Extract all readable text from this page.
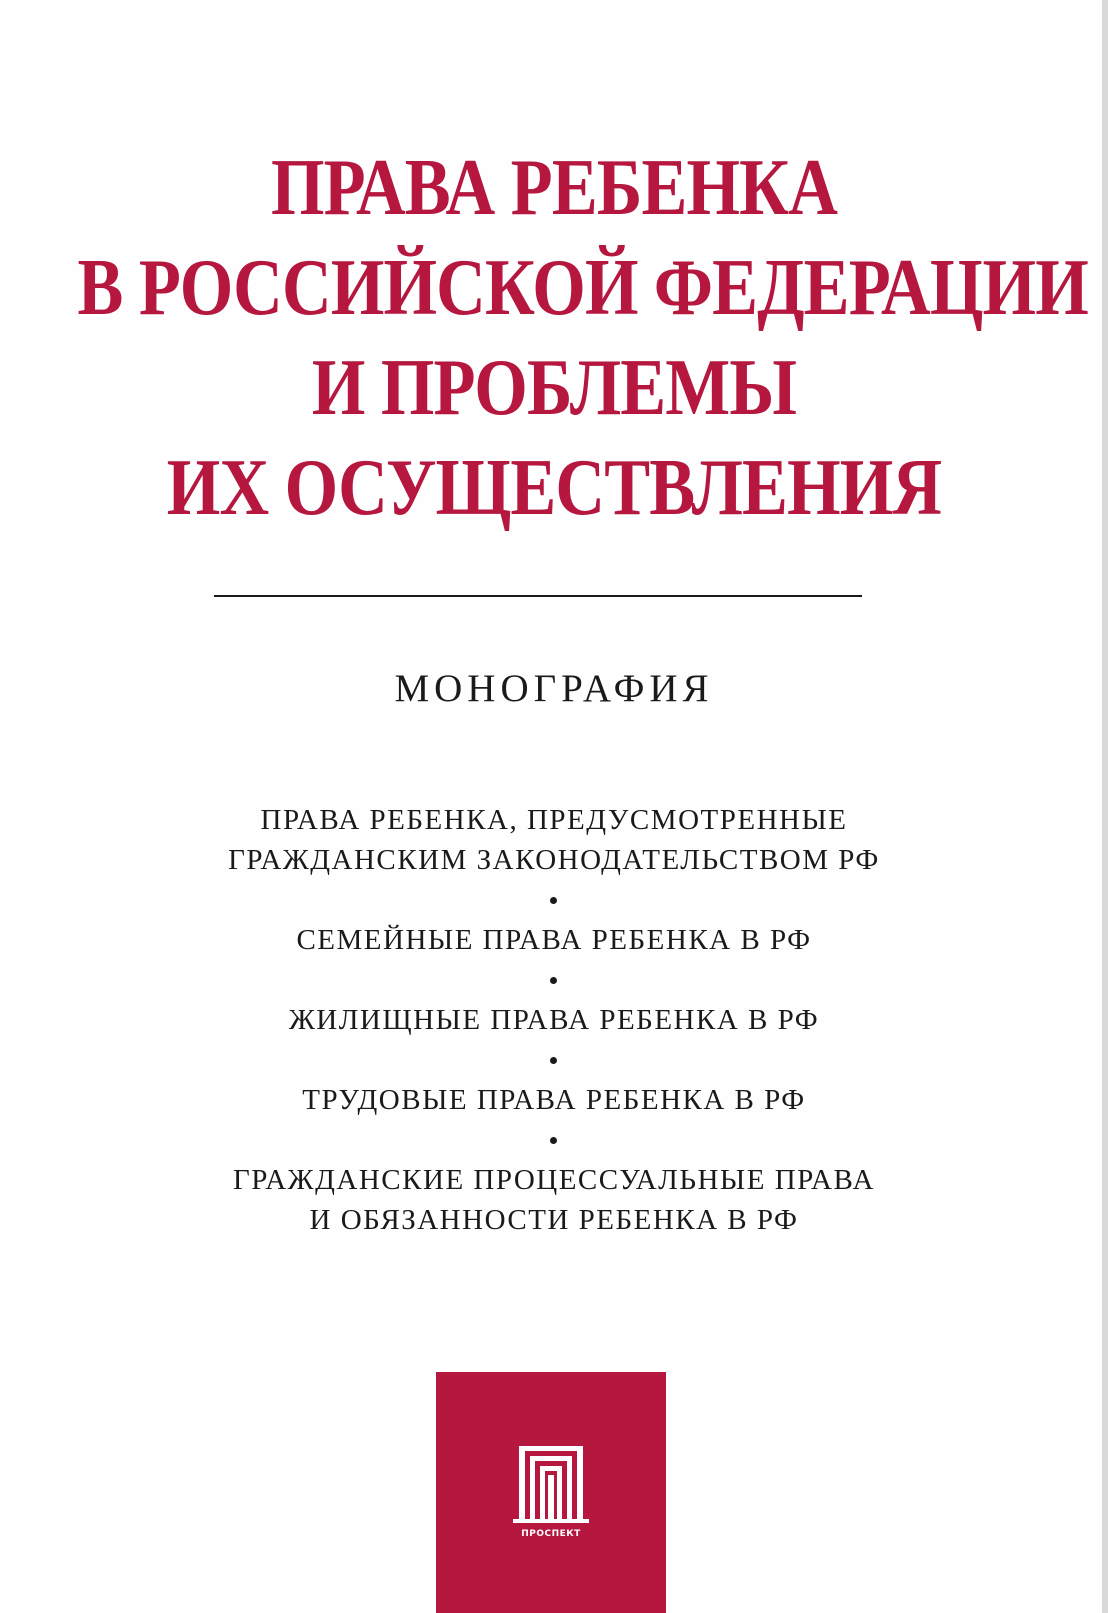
ПРАВА РЕБЕНКА
В РОССИЙСКОЙ ФЕДЕРАЦИИ
И ПРОБЛЕМЫ
ИХ ОСУЩЕСТВЛЕНИЯ
МОНОГРАФИЯ
ПРАВА РЕБЕНКА, ПРЕДУСМОТРЕННЫЕ
ГРАЖДАНСКИМ ЗАКОНОДАТЕЛЬСТВОМ РФ
СЕМЕЙНЫЕ ПРАВА РЕБЕНКА В РФ
ЖИЛИЩНЫЕ ПРАВА РЕБЕНКА В РФ
ТРУДОВЫЕ ПРАВА РЕБЕНКА В РФ
ГРАЖДАНСКИЕ ПРОЦЕССУАЛЬНЫЕ ПРАВА
И ОБЯЗАННОСТИ РЕБЕНКА В РФ
ПРОСПЕКТ
